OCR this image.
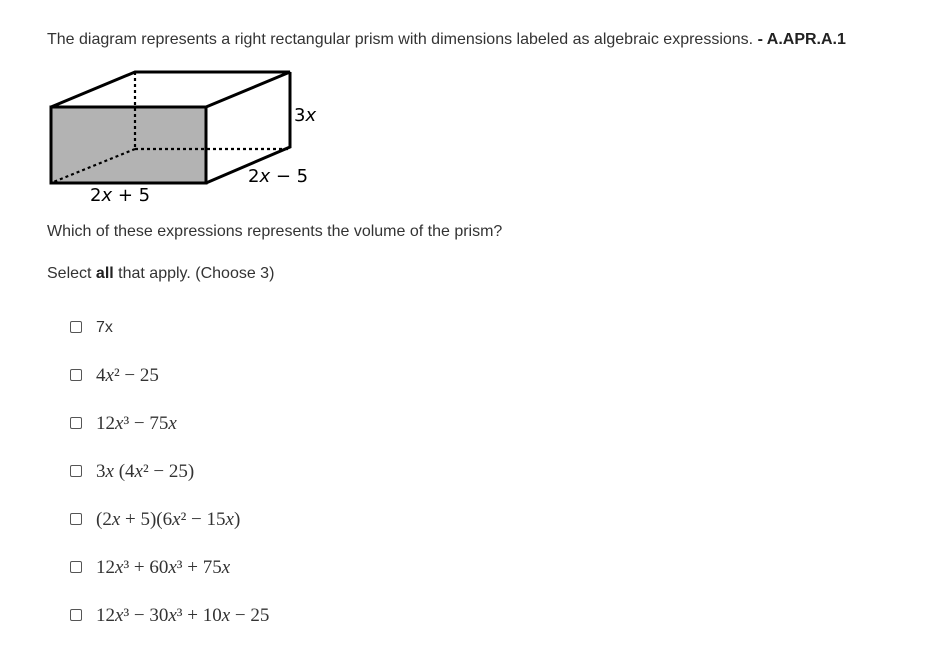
The diagram represents a right rectangular prism with dimensions labeled as algebraic expressions. - A.APR.A.1
3x
2x − 5
2x + 5
Which of these expressions represents the volume of the prism?
Select all that apply. (Choose 3)
7x
4x² − 25
12x³ − 75x
3x (4x² − 25)
(2x + 5)(6x² − 15x)
12x³ + 60x³ + 75x
12x³ − 30x³ + 10x − 25
